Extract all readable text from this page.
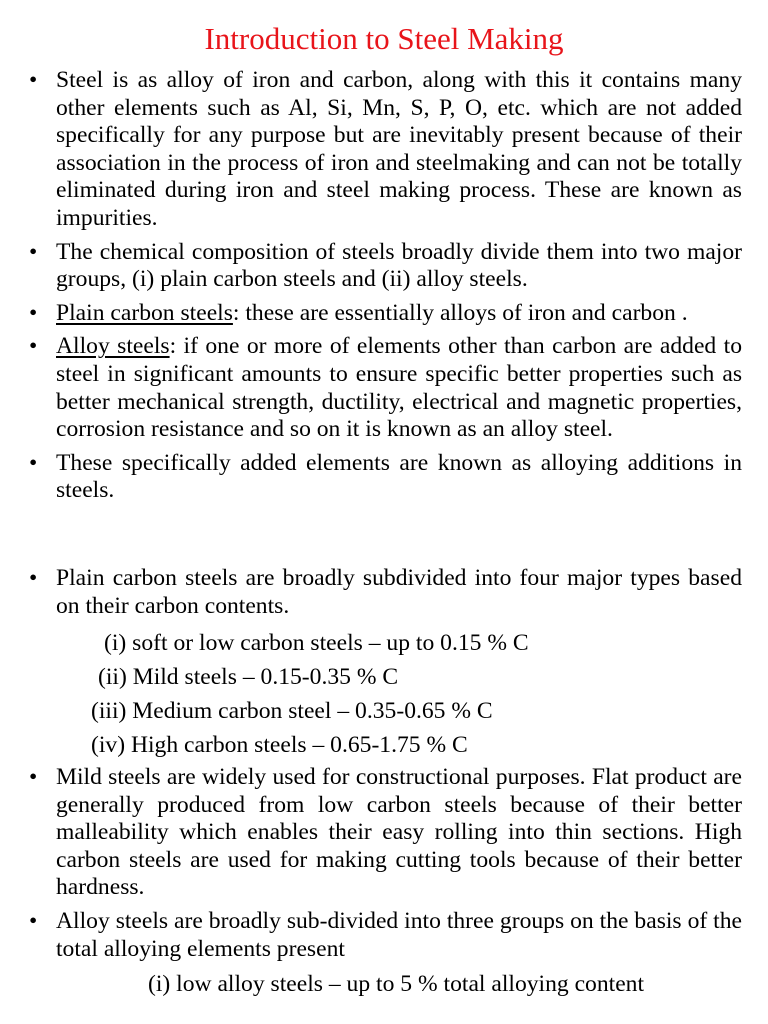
Introduction to Steel Making
• Steel is as alloy of iron and carbon, along with this it contains many other elements such as Al, Si, Mn, S, P, O, etc. which are not added specifically for any purpose but are inevitably present because of their association in the process of iron and steelmaking and can not be totally eliminated during iron and steel making process. These are known as impurities.
• The chemical composition of steels broadly divide them into two major groups, (i) plain carbon steels and (ii) alloy steels.
• Plain carbon steels: these are essentially alloys of iron and carbon .
• Alloy steels: if one or more of elements other than carbon are added to steel in significant amounts to ensure specific better properties such as better mechanical strength, ductility, electrical and magnetic properties, corrosion resistance and so on it is known as an alloy steel.
• These specifically added elements are known as alloying additions in steels.
• Plain carbon steels are broadly subdivided into four major types based on their carbon contents.
(i) soft or low carbon steels – up to 0.15 % C
(ii) Mild steels – 0.15-0.35 % C
(iii) Medium carbon steel – 0.35-0.65 % C
(iv) High carbon steels – 0.65-1.75 % C
• Mild steels are widely used for constructional purposes. Flat product are generally produced from low carbon steels because of their better malleability which enables their easy rolling into thin sections. High carbon steels are used for making cutting tools because of their better hardness.
• Alloy steels are broadly sub-divided into three groups on the basis of the total alloying elements present
(i) low alloy steels – up to 5 % total alloying content
